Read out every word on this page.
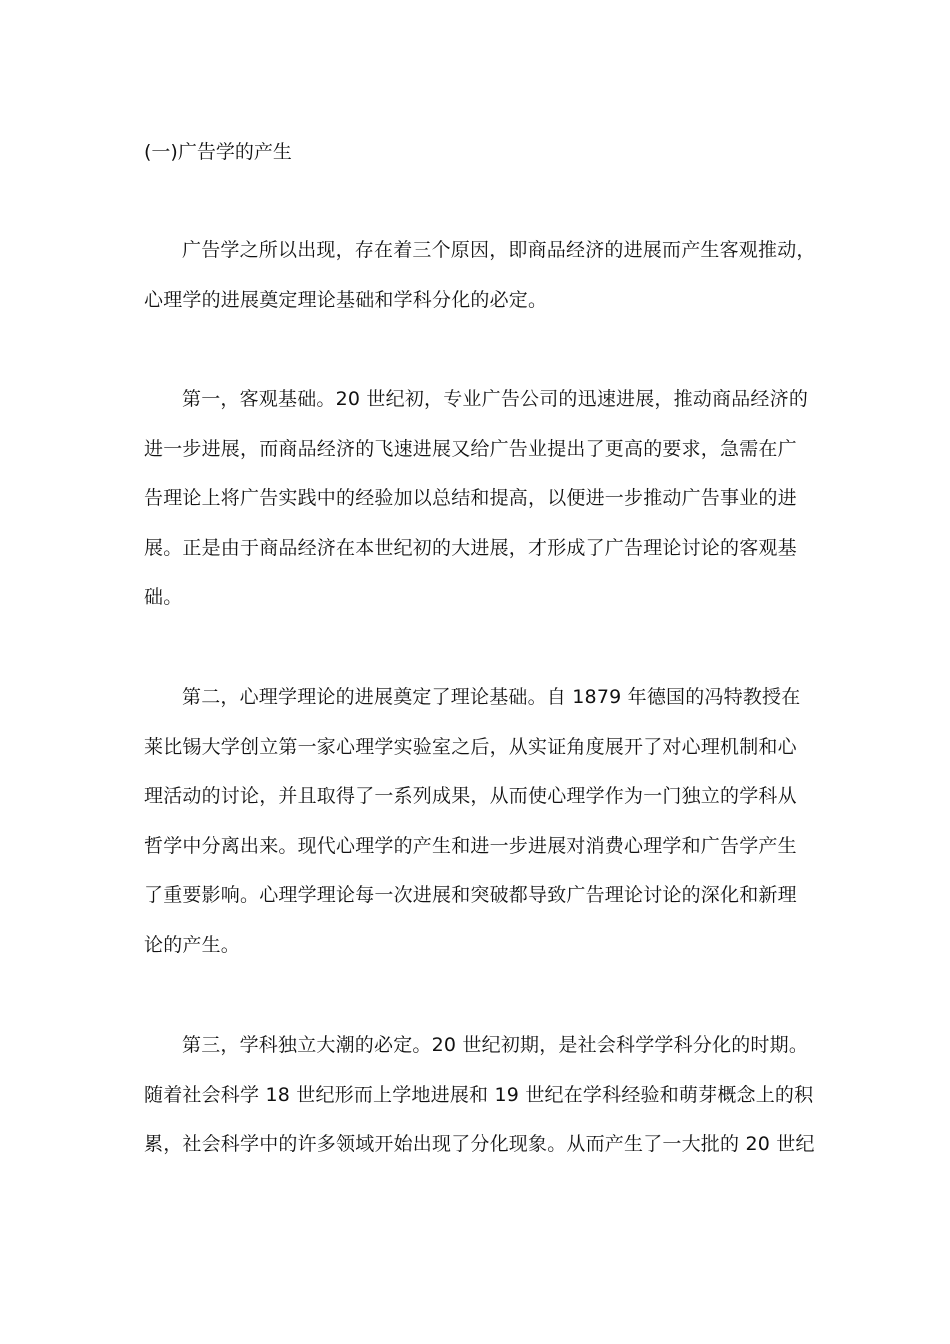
(一)广告学的产生
广告学之所以出现，存在着三个原因，即商品经济的进展而产生客观推动，
心理学的进展奠定理论基础和学科分化的必定。
第一，客观基础。20 世纪初，专业广告公司的迅速进展，推动商品经济的
进一步进展，而商品经济的飞速进展又给广告业提出了更高的要求，急需在广
告理论上将广告实践中的经验加以总结和提高，以便进一步推动广告事业的进
展。正是由于商品经济在本世纪初的大进展，才形成了广告理论讨论的客观基
础。
第二，心理学理论的进展奠定了理论基础。自 1879 年德国的冯特教授在
莱比锡大学创立第一家心理学实验室之后，从实证角度展开了对心理机制和心
理活动的讨论，并且取得了一系列成果，从而使心理学作为一门独立的学科从
哲学中分离出来。现代心理学的产生和进一步进展对消费心理学和广告学产生
了重要影响。心理学理论每一次进展和突破都导致广告理论讨论的深化和新理
论的产生。
第三，学科独立大潮的必定。20 世纪初期，是社会科学学科分化的时期。
随着社会科学 18 世纪形而上学地进展和 19 世纪在学科经验和萌芽概念上的积
累，社会科学中的许多领域开始出现了分化现象。从而产生了一大批的 20 世纪
